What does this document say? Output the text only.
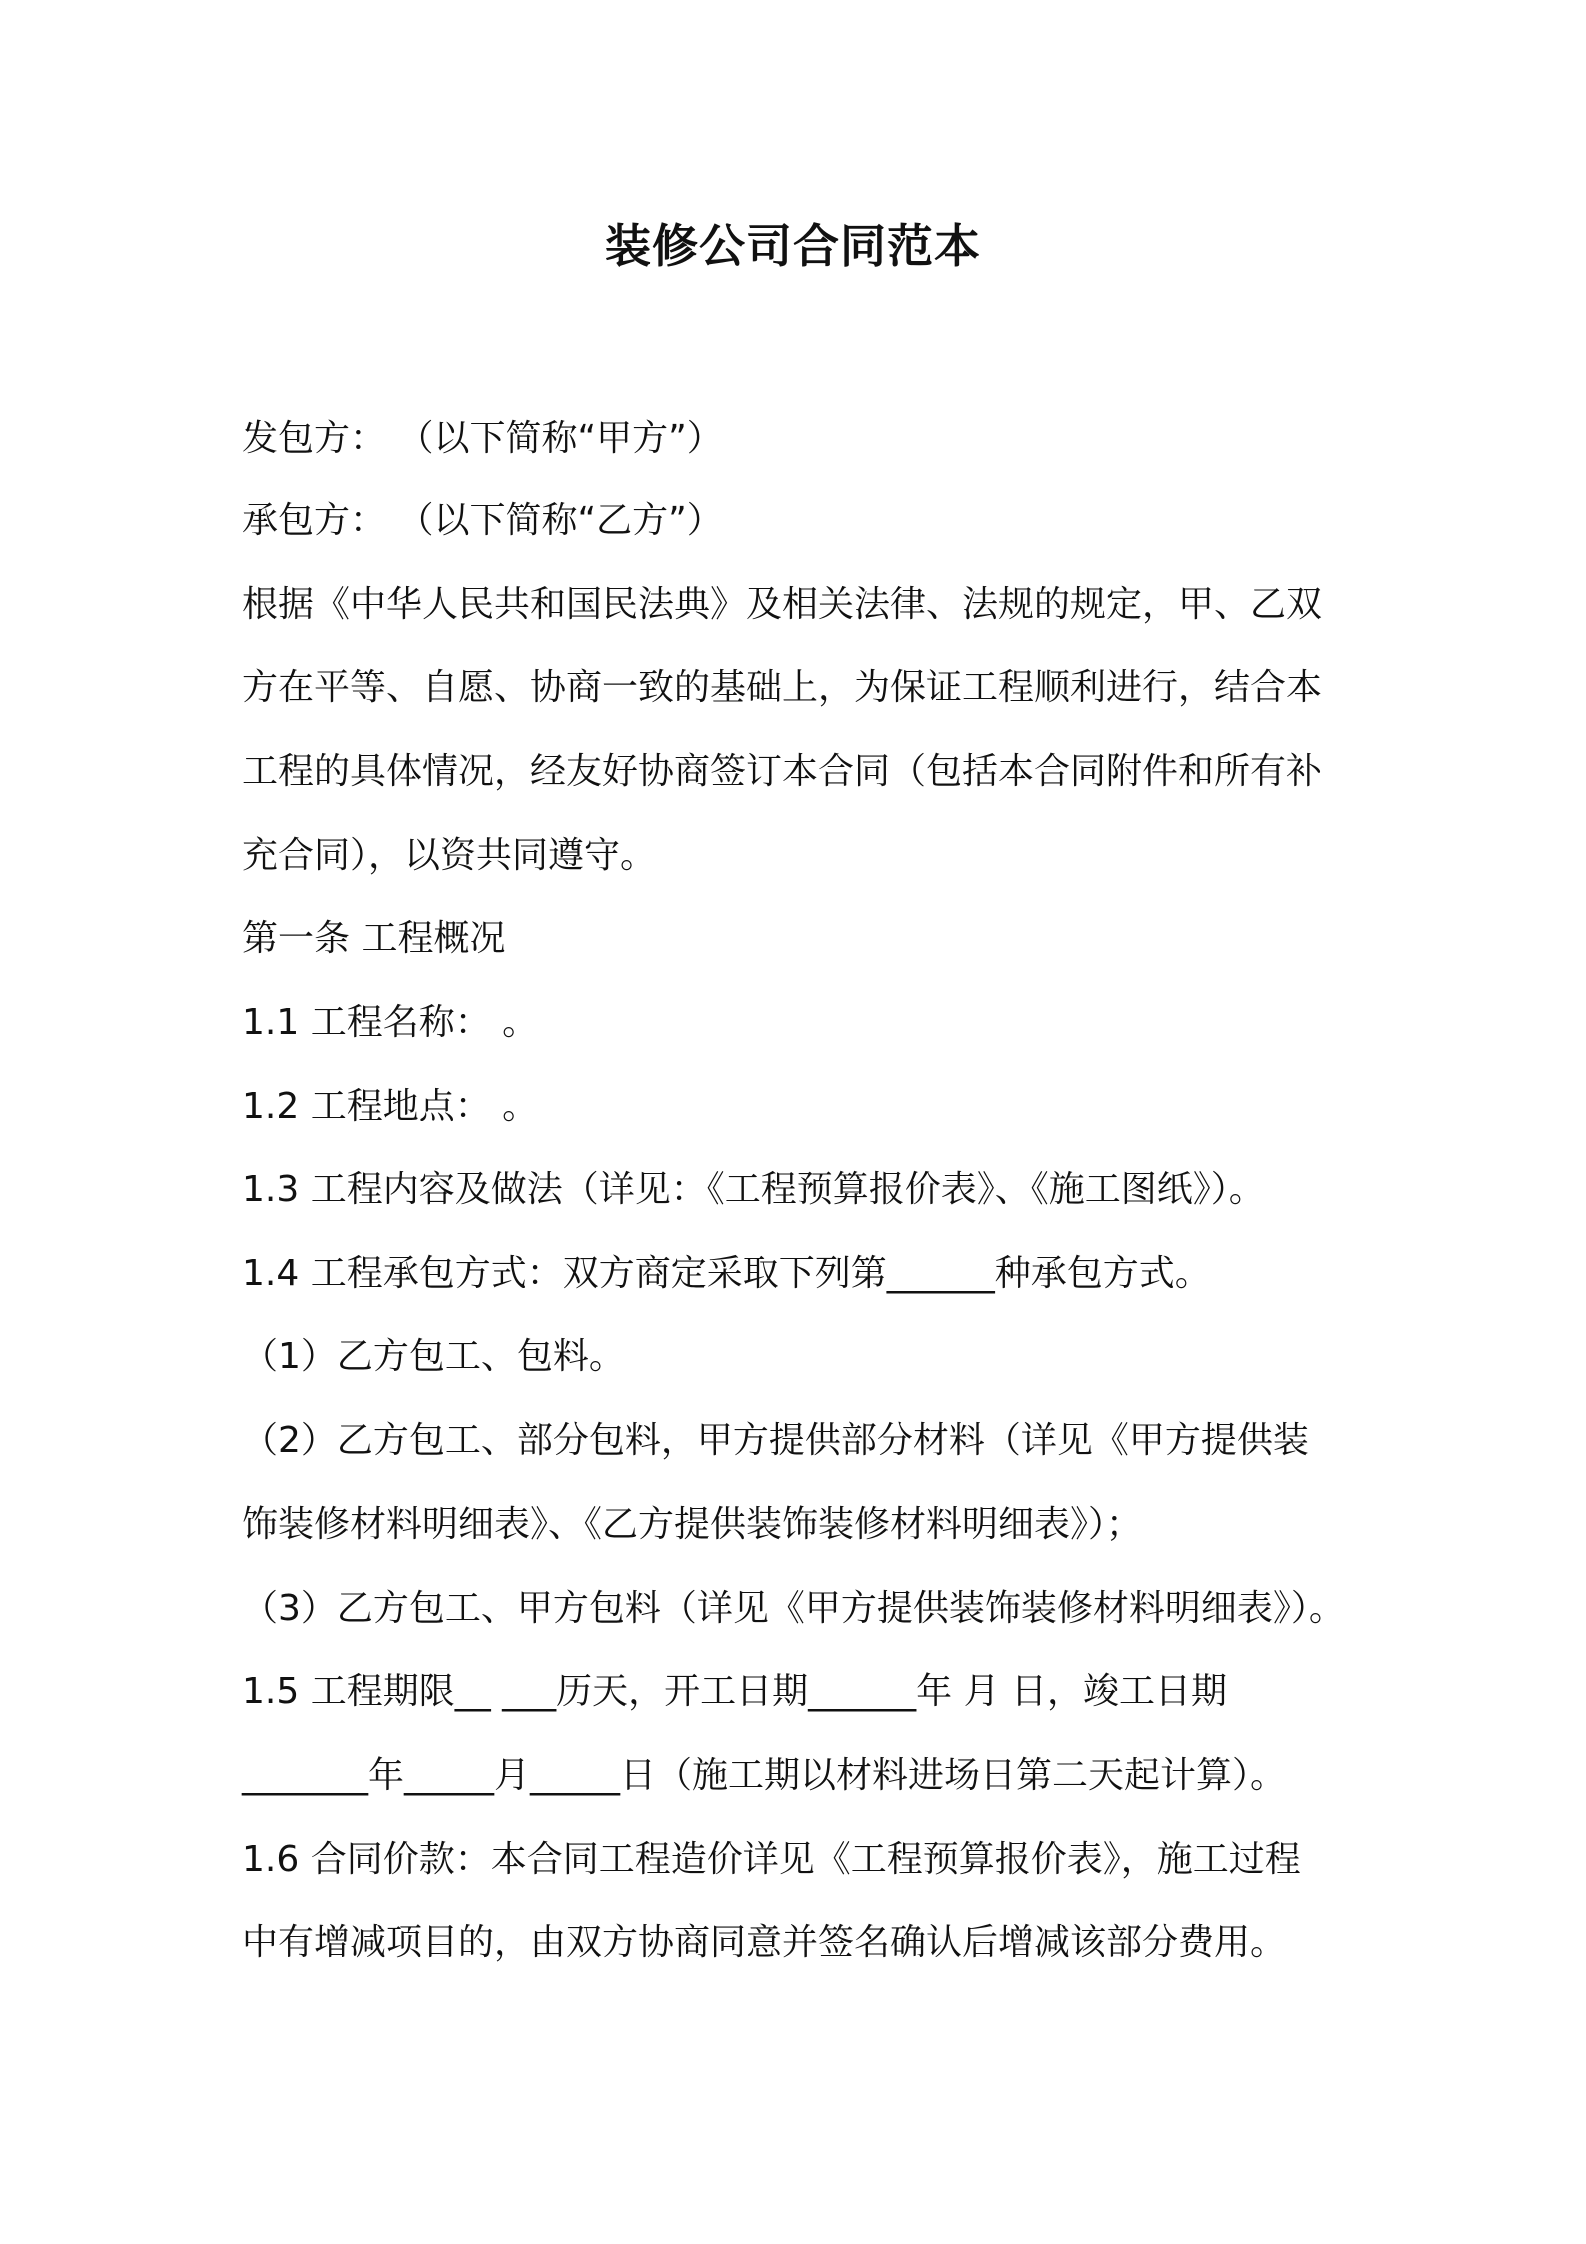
装修公司合同范本

发包方： （以下简称“甲方”）

承包方： （以下简称“乙方”）

根据《中华人民共和国民法典》及相关法律、法规的规定，甲、乙双

方在平等、自愿、协商一致的基础上，为保证工程顺利进行，结合本

工程的具体情况，经友好协商签订本合同（包括本合同附件和所有补

充合同），以资共同遵守。

第一条 工程概况

1.1 工程名称： 。

1.2 工程地点： 。

1.3 工程内容及做法（详见：《工程预算报价表》、《施工图纸》）。

1.4 工程承包方式：双方商定采取下列第______种承包方式。

（1）乙方包工、包料。

（2）乙方包工、部分包料，甲方提供部分材料（详见《甲方提供装

饰装修材料明细表》、《乙方提供装饰装修材料明细表》）；

（3）乙方包工、甲方包料（详见《甲方提供装饰装修材料明细表》）。

1.5 工程期限__ ___历天，开工日期______年 月 日，竣工日期

_______年_____月_____日（施工期以材料进场日第二天起计算）。

1.6 合同价款：本合同工程造价详见《工程预算报价表》，施工过程

中有增减项目的，由双方协商同意并签名确认后增减该部分费用。
